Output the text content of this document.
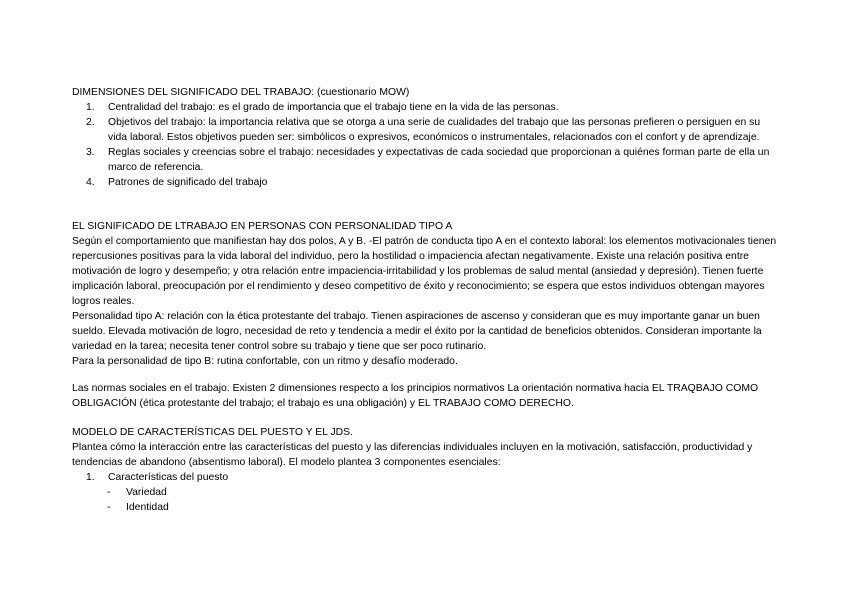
DIMENSIONES DEL SIGNIFICADO DEL TRABAJO: (cuestionario MOW)

1. Centralidad del trabajo: es el grado de importancia que el trabajo tiene en la vida de las personas.
2. Objetivos del trabajo: la importancia relativa que se otorga a una serie de cualidades del trabajo que las personas prefieren o persiguen en su vida laboral. Estos objetivos pueden ser: simbólicos o expresivos, económicos o instrumentales, relacionados con el confort y de aprendizaje.
3. Reglas sociales y creencias sobre el trabajo: necesidades y expectativas de cada sociedad que proporcionan a quiénes forman parte de ella un marco de referencia.
4. Patrones de significado del trabajo

EL SIGNIFICADO DE LTRABAJO EN PERSONAS CON PERSONALIDAD TIPO A

Según el comportamiento que manifiestan hay dos polos, A y B. -El patrón de conducta tipo A en el contexto laboral: los elementos motivacionales tienen repercusiones positivas para la vida laboral del individuo, pero la hostilidad o impaciencia afectan negativamente. Existe una relación positiva entre motivación de logro y desempeño; y otra relación entre impaciencia-irritabilidad y los problemas de salud mental (ansiedad y depresión). Tienen fuerte implicación laboral, preocupación por el rendimiento y deseo competitivo de éxito y reconocimiento; se espera que estos individuos obtengan mayores logros reales.

Personalidad tipo A: relación con la ética protestante del trabajo. Tienen aspiraciones de ascenso y consideran que es muy importante ganar un buen sueldo. Elevada motivación de logro, necesidad de reto y tendencia a medir el éxito por la cantidad de beneficios obtenidos. Consideran importante la variedad en la tarea; necesita tener control sobre su trabajo y tiene que ser poco rutinario.

Para la personalidad de tipo B: rutina confortable, con un ritmo y desafío moderado.

Las normas sociales en el trabajo. Existen 2 dimensiones respecto a los principios normativos La orientación normativa hacia EL TRAQBAJO COMO OBLIGACIÓN (ética protestante del trabajo; el trabajo es una obligación) y EL TRABAJO COMO DERECHO.

MODELO DE CARACTERÍSTICAS DEL PUESTO Y EL JDS.

Plantea cómo la interacción entre las características del puesto y las diferencias individuales incluyen en la motivación, satisfacción, productividad y tendencias de abandono (absentismo laboral). El modelo plantea 3 componentes esenciales:

1. Características del puesto
- Variedad
- Identidad
